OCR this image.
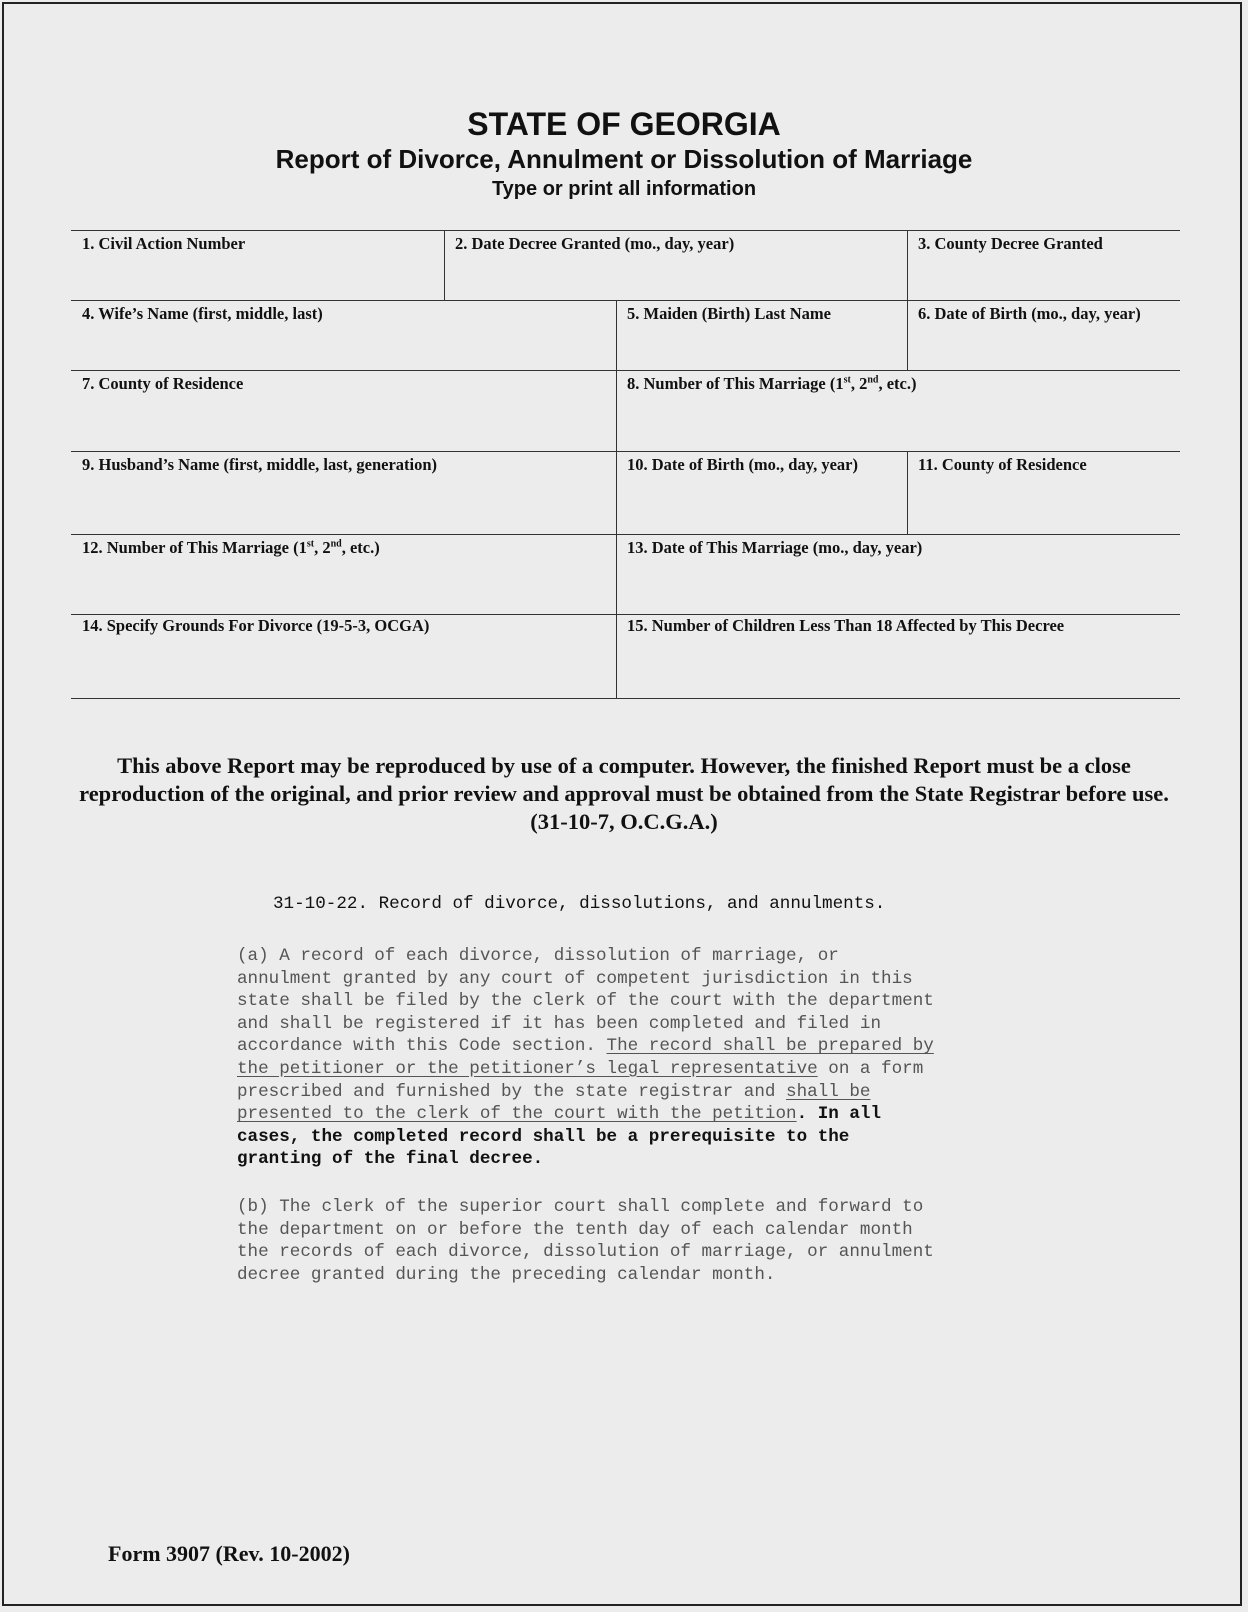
STATE OF GEORGIA
Report of Divorce, Annulment or Dissolution of Marriage
Type or print all information
1. Civil Action Number	2. Date Decree Granted (mo., day, year)	3. County Decree Granted
4. Wife’s Name (first, middle, last)	5. Maiden (Birth) Last Name	6. Date of Birth (mo., day, year)
7. County of Residence	8. Number of This Marriage (1st, 2nd, etc.)
9. Husband’s Name (first, middle, last, generation)	10. Date of Birth (mo., day, year)	11. County of Residence
12. Number of This Marriage (1st, 2nd, etc.)	13. Date of This Marriage (mo., day, year)
14. Specify Grounds For Divorce (19-5-3, OCGA)	15. Number of Children Less Than 18 Affected by This Decree
This above Report may be reproduced by use of a computer. However, the finished Report must be a close
reproduction of the original, and prior review and approval must be obtained from the State Registrar before use.
(31-10-7, O.C.G.A.)
31-10-22. Record of divorce, dissolutions, and annulments.
(a) A record of each divorce, dissolution of marriage, or
annulment granted by any court of competent jurisdiction in this
state shall be filed by the clerk of the court with the department
and shall be registered if it has been completed and filed in
accordance with this Code section. The record shall be prepared by
the petitioner or the petitioner’s legal representative on a form
prescribed and furnished by the state registrar and shall be
presented to the clerk of the court with the petition. In all
cases, the completed record shall be a prerequisite to the
granting of the final decree.
(b) The clerk of the superior court shall complete and forward to
the department on or before the tenth day of each calendar month
the records of each divorce, dissolution of marriage, or annulment
decree granted during the preceding calendar month.
Form 3907 (Rev. 10-2002)
